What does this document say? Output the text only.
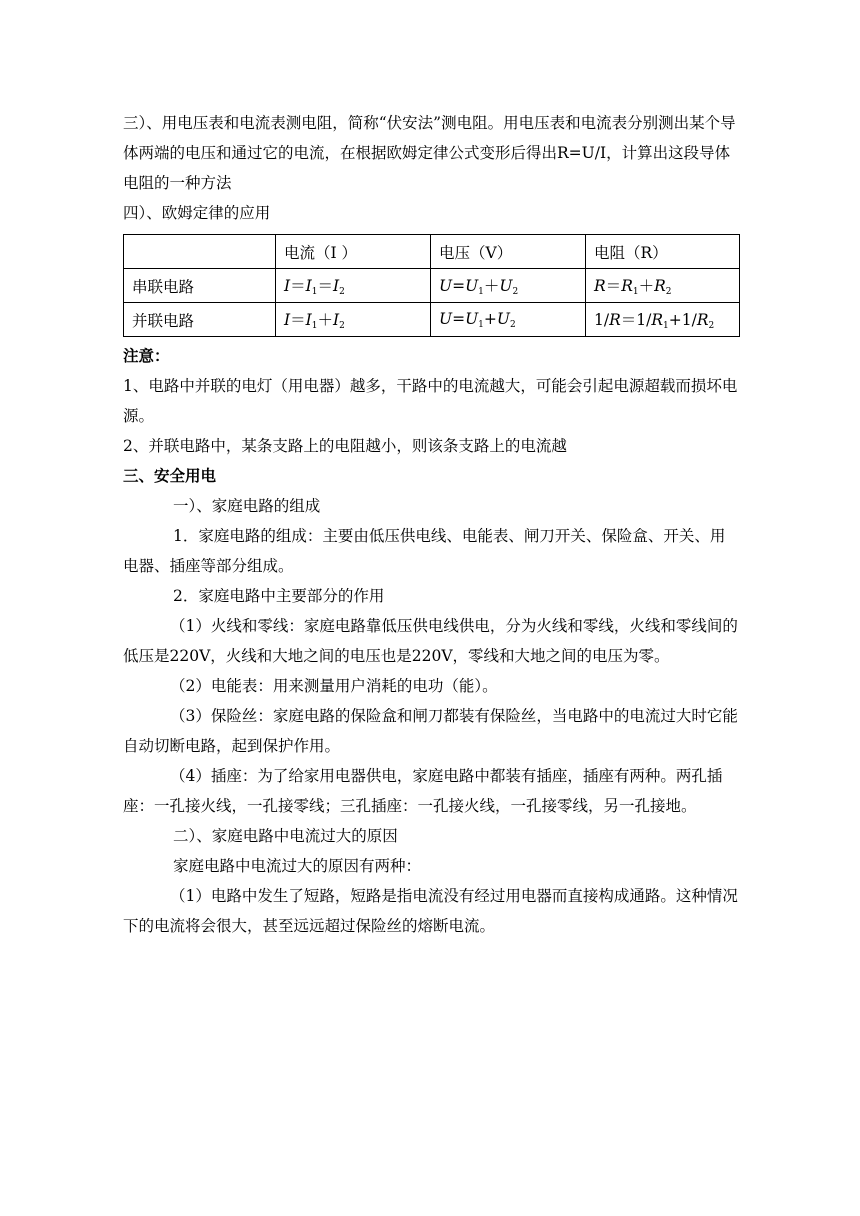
三）、用电压表和电流表测电阻，简称“伏安法”测电阻。用电压表和电流表分别测出某个导体两端的电压和通过它的电流，在根据欧姆定律公式变形后得出R=U/I，计算出这段导体电阻的一种方法

四）、欧姆定律的应用

	电流（I ）	电压（V）	电阻（R）
串联电路	$I=I_1=I_2$	$U=U_1+U_2$	$R=R_1+R_2$
并联电路	$I=I_1+I_2$	$U=U_1+U_2$	$1/R=1/R_1+1/R_2$

注意：

1、电路中并联的电灯（用电器）越多，干路中的电流越大，可能会引起电源超载而损坏电源。

2、并联电路中，某条支路上的电阻越小，则该条支路上的电流越

三、安全用电

一）、家庭电路的组成

1．家庭电路的组成：主要由低压供电线、电能表、闸刀开关、保险盒、开关、用电器、插座等部分组成。

2．家庭电路中主要部分的作用

（1）火线和零线：家庭电路靠低压供电线供电，分为火线和零线，火线和零线间的低压是220V，火线和大地之间的电压也是220V，零线和大地之间的电压为零。

（2）电能表：用来测量用户消耗的电功（能）。

（3）保险丝：家庭电路的保险盒和闸刀都装有保险丝，当电路中的电流过大时它能自动切断电路，起到保护作用。

（4）插座：为了给家用电器供电，家庭电路中都装有插座，插座有两种。两孔插座：一孔接火线，一孔接零线；三孔插座：一孔接火线，一孔接零线，另一孔接地。

二）、家庭电路中电流过大的原因

家庭电路中电流过大的原因有两种：

（1）电路中发生了短路，短路是指电流没有经过用电器而直接构成通路。这种情况下的电流将会很大，甚至远远超过保险丝的熔断电流。
